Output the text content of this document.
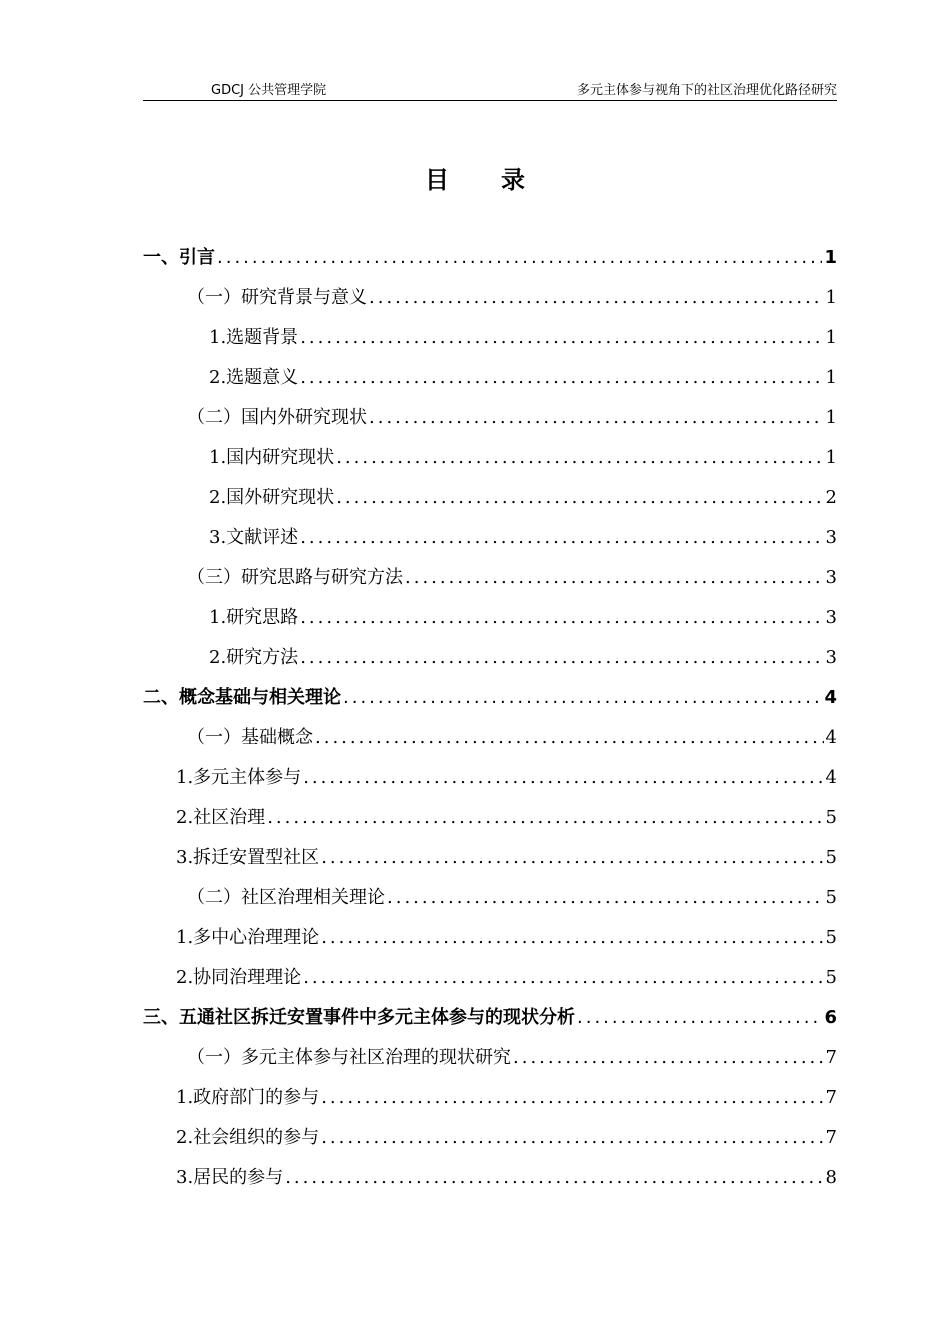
GDCJ 公共管理学院	多元主体参与视角下的社区治理优化路径研究
目录
一、引言 .....	1
（一）研究背景与意义 .....	1
1.选题背景 .....	1
2.选题意义 .....	1
（二）国内外研究现状 .....	1
1.国内研究现状 .....	1
2.国外研究现状 .....	2
3.文献评述 .....	3
（三）研究思路与研究方法 .....	3
1.研究思路 .....	3
2.研究方法 .....	3
二、概念基础与相关理论 .....	4
（一）基础概念 .....	4
1.多元主体参与 .....	4
2.社区治理 .....	5
3.拆迁安置型社区 .....	5
（二）社区治理相关理论 .....	5
1.多中心治理理论 .....	5
2.协同治理理论 .....	5
三、五通社区拆迁安置事件中多元主体参与的现状分析 .....	6
（一）多元主体参与社区治理的现状研究 .....	7
1.政府部门的参与 .....	7
2.社会组织的参与 .....	7
3.居民的参与 .....	8
